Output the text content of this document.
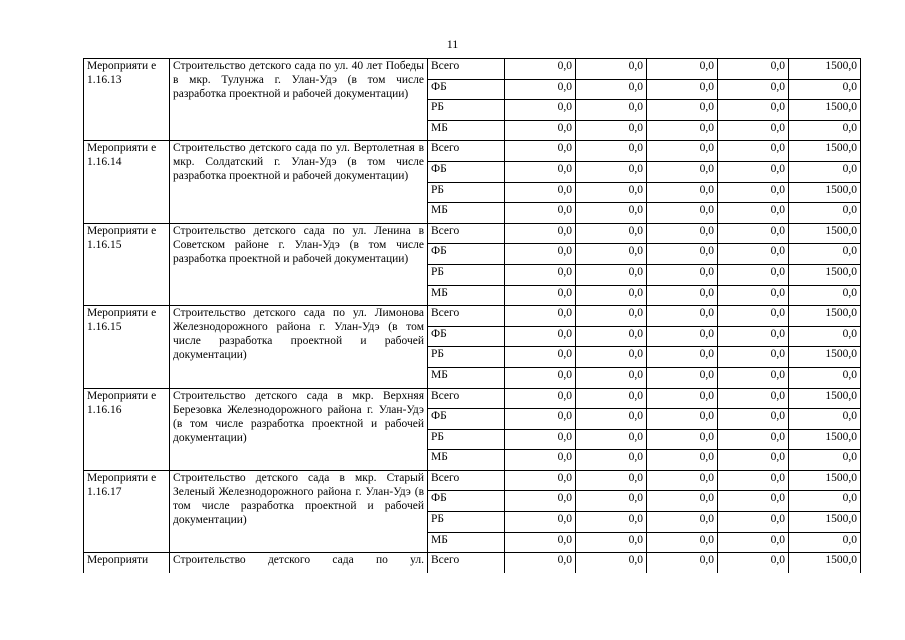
11
Мероприяти е 1.16.13	Строительство детского сада по ул. 40 лет Победы в мкр. Тулунжа г. Улан-Удэ (в том числе разработка проектной и рабочей документации)	Всего	0,0	0,0	0,0	0,0	1500,0
		ФБ	0,0	0,0	0,0	0,0	0,0
		РБ	0,0	0,0	0,0	0,0	1500,0
		МБ	0,0	0,0	0,0	0,0	0,0
Мероприяти е 1.16.14	Строительство детского сада по ул. Вертолетная в мкр. Солдатский г. Улан-Удэ (в том числе разработка проектной и рабочей документации)	Всего	0,0	0,0	0,0	0,0	1500,0
		ФБ	0,0	0,0	0,0	0,0	0,0
		РБ	0,0	0,0	0,0	0,0	1500,0
		МБ	0,0	0,0	0,0	0,0	0,0
Мероприяти е 1.16.15	Строительство детского сада по ул. Ленина в Советском районе г. Улан-Удэ (в том числе разработка проектной и рабочей документации)	Всего	0,0	0,0	0,0	0,0	1500,0
		ФБ	0,0	0,0	0,0	0,0	0,0
		РБ	0,0	0,0	0,0	0,0	1500,0
		МБ	0,0	0,0	0,0	0,0	0,0
Мероприяти е 1.16.15	Строительство детского сада по ул. Лимонова Железнодорожного района г. Улан-Удэ (в том числе разработка проектной и рабочей документации)	Всего	0,0	0,0	0,0	0,0	1500,0
		ФБ	0,0	0,0	0,0	0,0	0,0
		РБ	0,0	0,0	0,0	0,0	1500,0
		МБ	0,0	0,0	0,0	0,0	0,0
Мероприяти е 1.16.16	Строительство детского сада в мкр. Верхняя Березовка Железнодорожного района г. Улан-Удэ (в том числе разработка проектной и рабочей документации)	Всего	0,0	0,0	0,0	0,0	1500,0
		ФБ	0,0	0,0	0,0	0,0	0,0
		РБ	0,0	0,0	0,0	0,0	1500,0
		МБ	0,0	0,0	0,0	0,0	0,0
Мероприяти е 1.16.17	Строительство детского сада в мкр. Старый Зеленый Железнодорожного района г. Улан-Удэ (в том числе разработка проектной и рабочей документации)	Всего	0,0	0,0	0,0	0,0	1500,0
		ФБ	0,0	0,0	0,0	0,0	0,0
		РБ	0,0	0,0	0,0	0,0	1500,0
		МБ	0,0	0,0	0,0	0,0	0,0
Мероприяти	Строительство детского сада по ул.	Всего	0,0	0,0	0,0	0,0	1500,0
